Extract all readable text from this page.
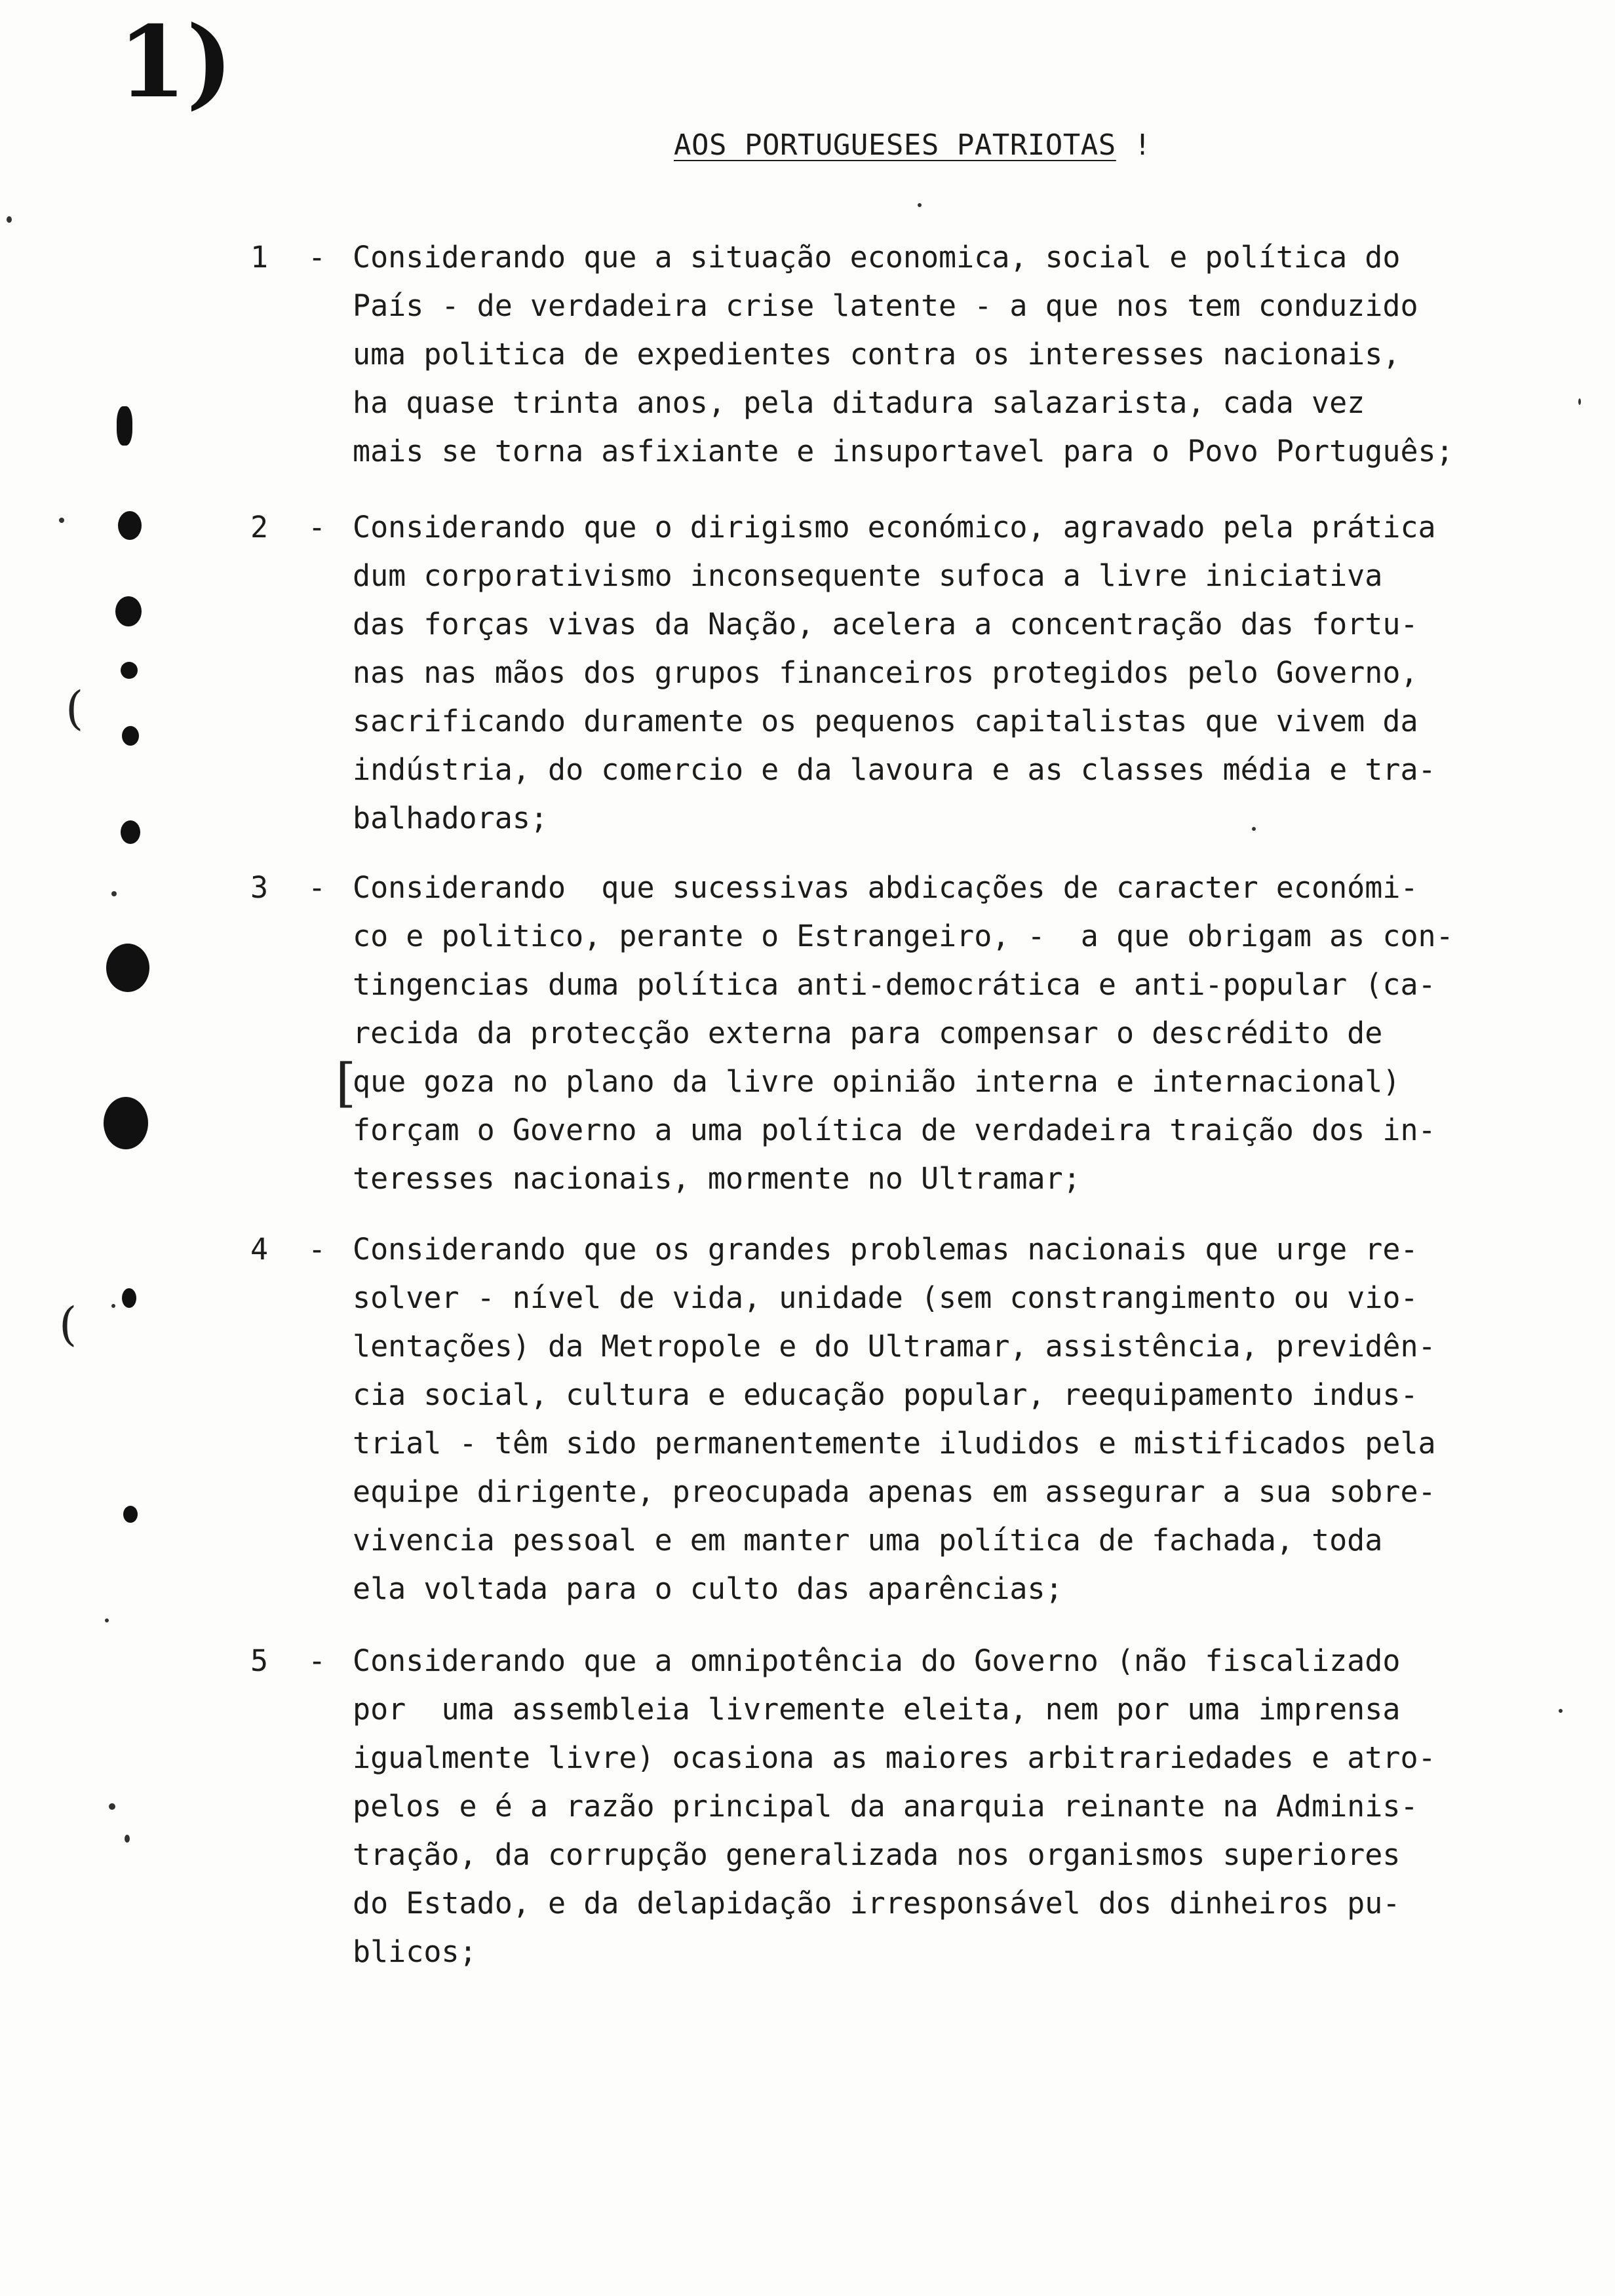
1)
AOS PORTUGUESES PATRIOTAS !
1 - Considerando que a situação economica, social e política do
País - de verdadeira crise latente - a que nos tem conduzido
uma politica de expedientes contra os interesses nacionais,
ha quase trinta anos, pela ditadura salazarista, cada vez
mais se torna asfixiante e insuportavel para o Povo Português;
2 - Considerando que o dirigismo económico, agravado pela prática
dum corporativismo inconsequente sufoca a livre iniciativa
das forças vivas da Nação, acelera a concentração das fortu-
nas nas mãos dos grupos financeiros protegidos pelo Governo,
sacrificando duramente os pequenos capitalistas que vivem da
indústria, do comercio e da lavoura e as classes média e tra-
balhadoras;
3 - Considerando  que sucessivas abdicações de caracter económi-
co e politico, perante o Estrangeiro, -  a que obrigam as con-
tingencias duma política anti-democrática e anti-popular (ca-
recida da protecção externa para compensar o descrédito de
que goza no plano da livre opinião interna e internacional)
forçam o Governo a uma política de verdadeira traição dos in-
teresses nacionais, mormente no Ultramar;
4 - Considerando que os grandes problemas nacionais que urge re-
solver - nível de vida, unidade (sem constrangimento ou vio-
lentações) da Metropole e do Ultramar, assistência, previdên-
cia social, cultura e educação popular, reequipamento indus-
trial - têm sido permanentemente iludidos e mistificados pela
equipe dirigente, preocupada apenas em assegurar a sua sobre-
vivencia pessoal e em manter uma política de fachada, toda
ela voltada para o culto das aparências;
5 - Considerando que a omnipotência do Governo (não fiscalizado
por  uma assembleia livremente eleita, nem por uma imprensa
igualmente livre) ocasiona as maiores arbitrariedades e atro-
pelos e é a razão principal da anarquia reinante na Adminis-
tração, da corrupção generalizada nos organismos superiores
do Estado, e da delapidação irresponsável dos dinheiros pu-
blicos;
(
(
[
